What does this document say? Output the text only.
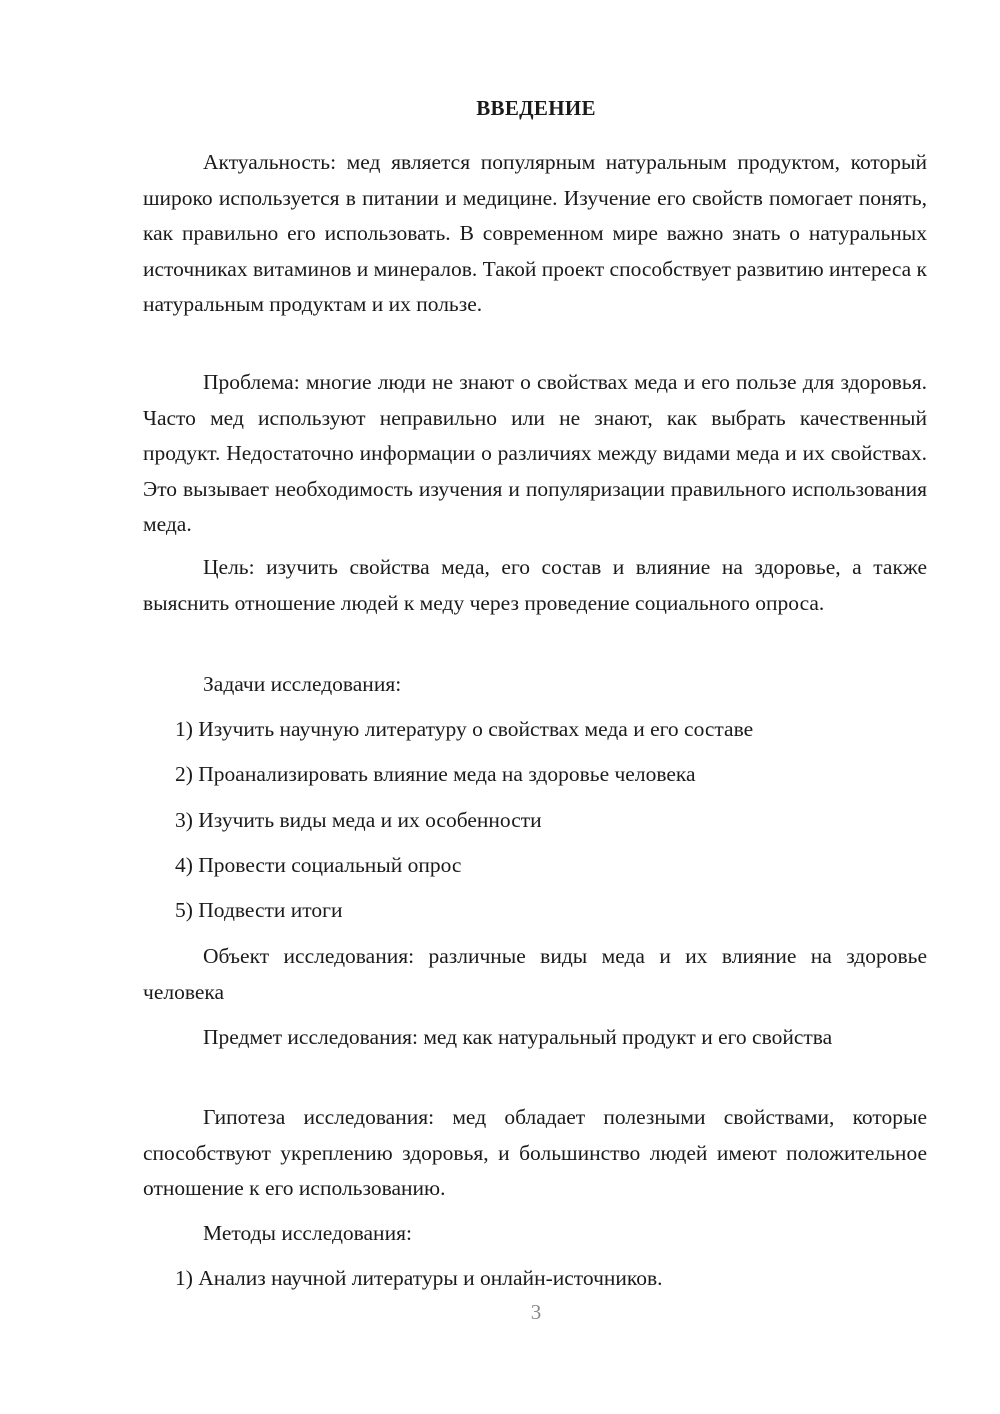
ВВЕДЕНИЕ

Актуальность: мед является популярным натуральным продуктом, который широко используется в питании и медицине. Изучение его свойств помогает понять, как правильно его использовать. В современном мире важно знать о натуральных источниках витаминов и минералов. Такой проект способствует развитию интереса к натуральным продуктам и их пользе.

Проблема: многие люди не знают о свойствах меда и его пользе для здоровья. Часто мед используют неправильно или не знают, как выбрать качественный продукт. Недостаточно информации о различиях между видами меда и их свойствах. Это вызывает необходимость изучения и популяризации правильного использования меда.

Цель: изучить свойства меда, его состав и влияние на здоровье, а также выяснить отношение людей к меду через проведение социального опроса.

Задачи исследования:

1) Изучить научную литературу о свойствах меда и его составе

2) Проанализировать влияние меда на здоровье человека

3) Изучить виды меда и их особенности

4) Провести социальный опрос

5) Подвести итоги

Объект исследования: различные виды меда и их влияние на здоровье человека

Предмет исследования: мед как натуральный продукт и его свойства

Гипотеза исследования: мед обладает полезными свойствами, которые способствуют укреплению здоровья, и большинство людей имеют положительное отношение к его использованию.

Методы исследования:

1) Анализ научной литературы и онлайн-источников.

3
